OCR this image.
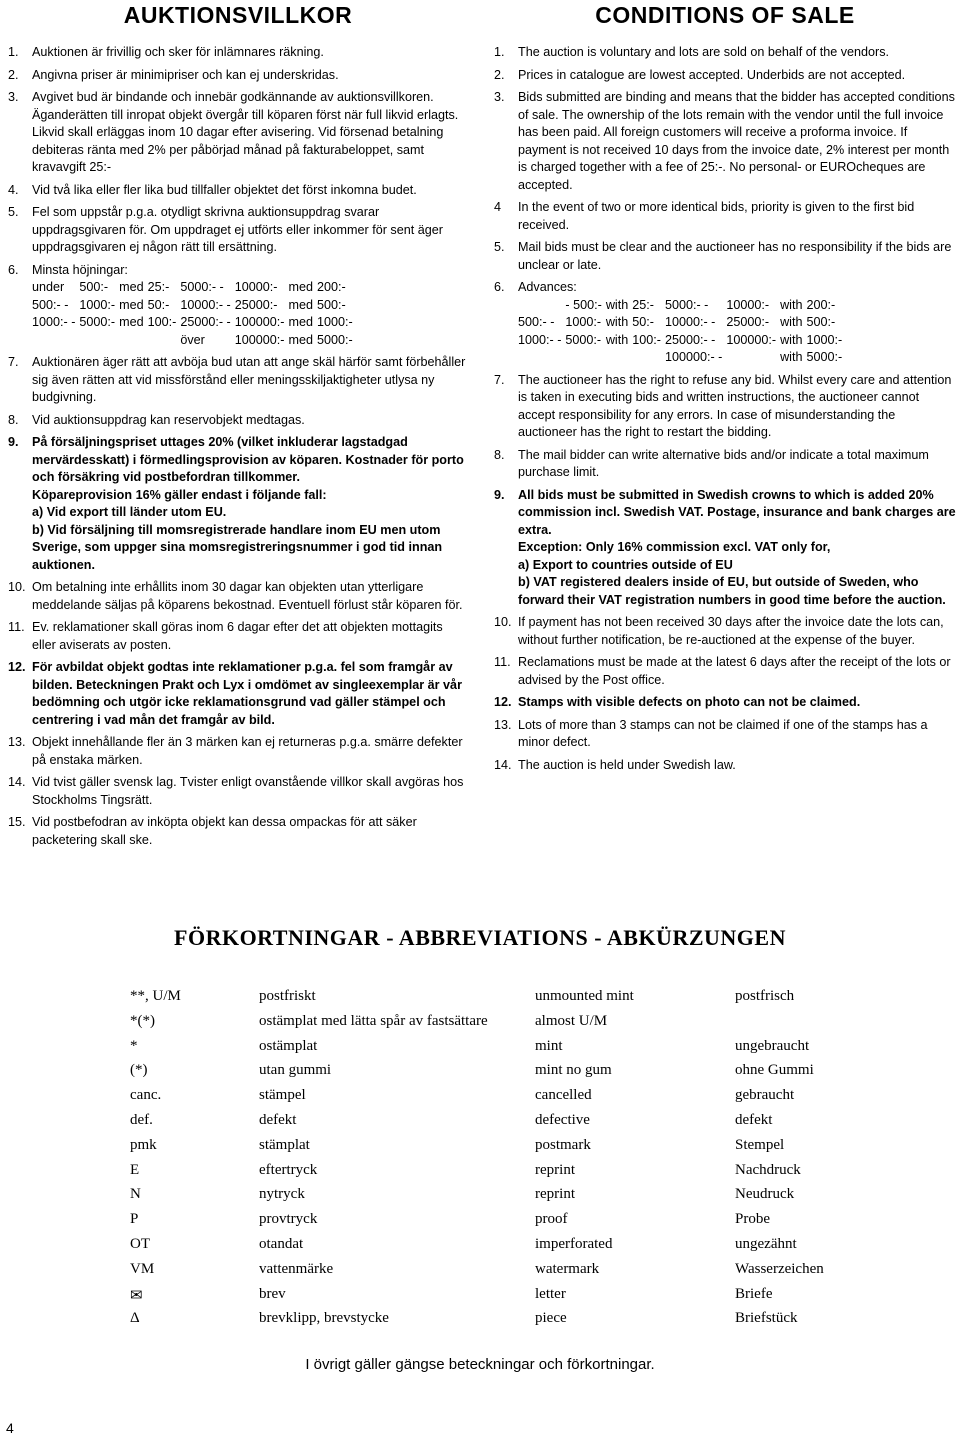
AUKTIONSVILLKOR
1.	Auktionen är frivillig och sker för inlämnares räkning.
2.	Angivna priser är minimipriser och kan ej underskridas.
3.	Avgivet bud är bindande och innebär godkännande av auktionsvillkoren. Äganderätten till inropat objekt övergår till köparen först när full likvid erlagts. Likvid skall erläggas inom 10 dagar efter avisering. Vid försenad betalning debiteras ränta med 2% per påbörjad månad på fakturabeloppet, samt kravavgift 25:-
4.	Vid två lika eller fler lika bud tillfaller objektet det först inkomna budet.
5.	Fel som uppstår p.g.a. otydligt skrivna auktionsuppdrag svarar uppdragsgivaren för. Om uppdraget ej utförts eller inkommer för sent äger uppdragsgivaren ej någon rätt till ersättning.
6.	Minsta höjningar:
under	500:-	med	25:-	5000:- -	10000:-	med	200:-
500:- -	1000:-	med	50:-	10000:- -	25000:-	med	500:-
1000:- -	5000:-	med	100:-	25000:- -	100000:-	med	1000:-
				över	100000:-	med	5000:-
7.	Auktionären äger rätt att avböja bud utan att ange skäl härför samt förbehåller sig även rätten att vid missförstånd eller meningsskiljaktigheter utlysa ny budgivning.
8.	Vid auktionsuppdrag kan reservobjekt medtagas.
9.	På försäljningspriset uttages 20% (vilket inkluderar lagstadgad mervärdesskatt) i förmedlingsprovision av köparen. Kostnader för porto och försäkring vid postbefordran tillkommer.
Köpareprovision 16% gäller endast i följande fall:
a) Vid export till länder utom EU.
b) Vid försäljning till momsregistrerade handlare inom EU men utom Sverige, som uppger sina momsregistreringsnummer i god tid innan auktionen.
10. Om betalning inte erhållits inom 30 dagar kan objekten utan ytterligare meddelande säljas på köparens bekostnad. Eventuell förlust står köparen för.
11. Ev. reklamationer skall göras inom 6 dagar efter det att objekten mottagits eller aviserats av posten.
12. För avbildat objekt godtas inte reklamationer p.g.a. fel som framgår av bilden. Beteckningen Prakt och Lyx i omdömet av singleexemplar är vår bedömning och utgör icke reklamationsgrund vad gäller stämpel och centrering i vad mån det framgår av bild.
13. Objekt innehållande fler än 3 märken kan ej returneras p.g.a. smärre defekter på enstaka märken.
14. Vid tvist gäller svensk lag. Tvister enligt ovanstående villkor skall avgöras hos Stockholms Tingsrätt.
15. Vid postbefodran av inköpta objekt kan dessa ompackas för att säker packetering skall ske.
CONDITIONS OF SALE
1.	The auction is voluntary and lots are sold on behalf of the vendors.
2.	Prices in catalogue are lowest accepted. Underbids are not accepted.
3.	Bids submitted are binding and means that the bidder has accepted conditions of sale. The ownership of the lots remain with the vendor until the full invoice has been paid. All foreign customers will receive a proforma invoice. If payment is not received 10 days from the invoice date, 2% interest per month is charged together with a fee of 25:-. No personal- or EUROcheques are accepted.
4	In the event of two or more identical bids, priority is given to the first bid received.
5.	Mail bids must be clear and the auctioneer has no responsibility if the bids are unclear or late.
6.	Advances:
	- 500:-	with	25:-	5000:- -	10000:-	with	200:-
500:- -	1000:-	with	50:-	10000:- -	25000:-	with	500:-
1000:- -	5000:-	with	100:-	25000:- -	100000:-	with	1000:-
				100000:- -		with	5000:-
7.	The auctioneer has the right to refuse any bid. Whilst every care and attention is taken in executing bids and written instructions, the auctioneer cannot accept responsibility for any errors. In case of misunderstanding the auctioneer has the right to restart the bidding.
8.	The mail bidder can write alternative bids and/or indicate a total maximum purchase limit.
9.	All bids must be submitted in Swedish crowns to which is added 20% commission incl. Swedish VAT. Postage, insurance and bank charges are extra.
Exception: Only 16% commission excl. VAT only for,
a) Export to countries outside of EU
b) VAT registered dealers inside of EU, but outside of Sweden, who forward their VAT registration numbers in good time before the auction.
10. If payment has not been received 30 days after the invoice date the lots can, without further notification, be re-auctioned at the expense of the buyer.
11. Reclamations must be made at the latest 6 days after the receipt of the lots or advised by the Post office.
12. Stamps with visible defects on photo can not be claimed.
13. Lots of more than 3 stamps can not be claimed if one of the stamps has a minor defect.
14. The auction is held under Swedish law.
FÖRKORTNINGAR - ABBREVIATIONS - ABKÜRZUNGEN
**, U/M	postfriskt	unmounted mint	postfrisch
*(*)	ostämplat med lätta spår av fastsättare	almost U/M	
*	ostämplat	mint	ungebraucht
(*)	utan gummi	mint no gum	ohne Gummi
canc.	stämpel	cancelled	gebraucht
def.	defekt	defective	defekt
pmk	stämplat	postmark	Stempel
E	eftertryck	reprint	Nachdruck
N	nytryck	reprint	Neudruck
P	provtryck	proof	Probe
OT	otandat	imperforated	ungezähnt
VM	vattenmärke	watermark	Wasserzeichen
✉	brev	letter	Briefe
Δ	brevklipp, brevstycke	piece	Briefstück
I övrigt gäller gängse beteckningar och förkortningar.
4
